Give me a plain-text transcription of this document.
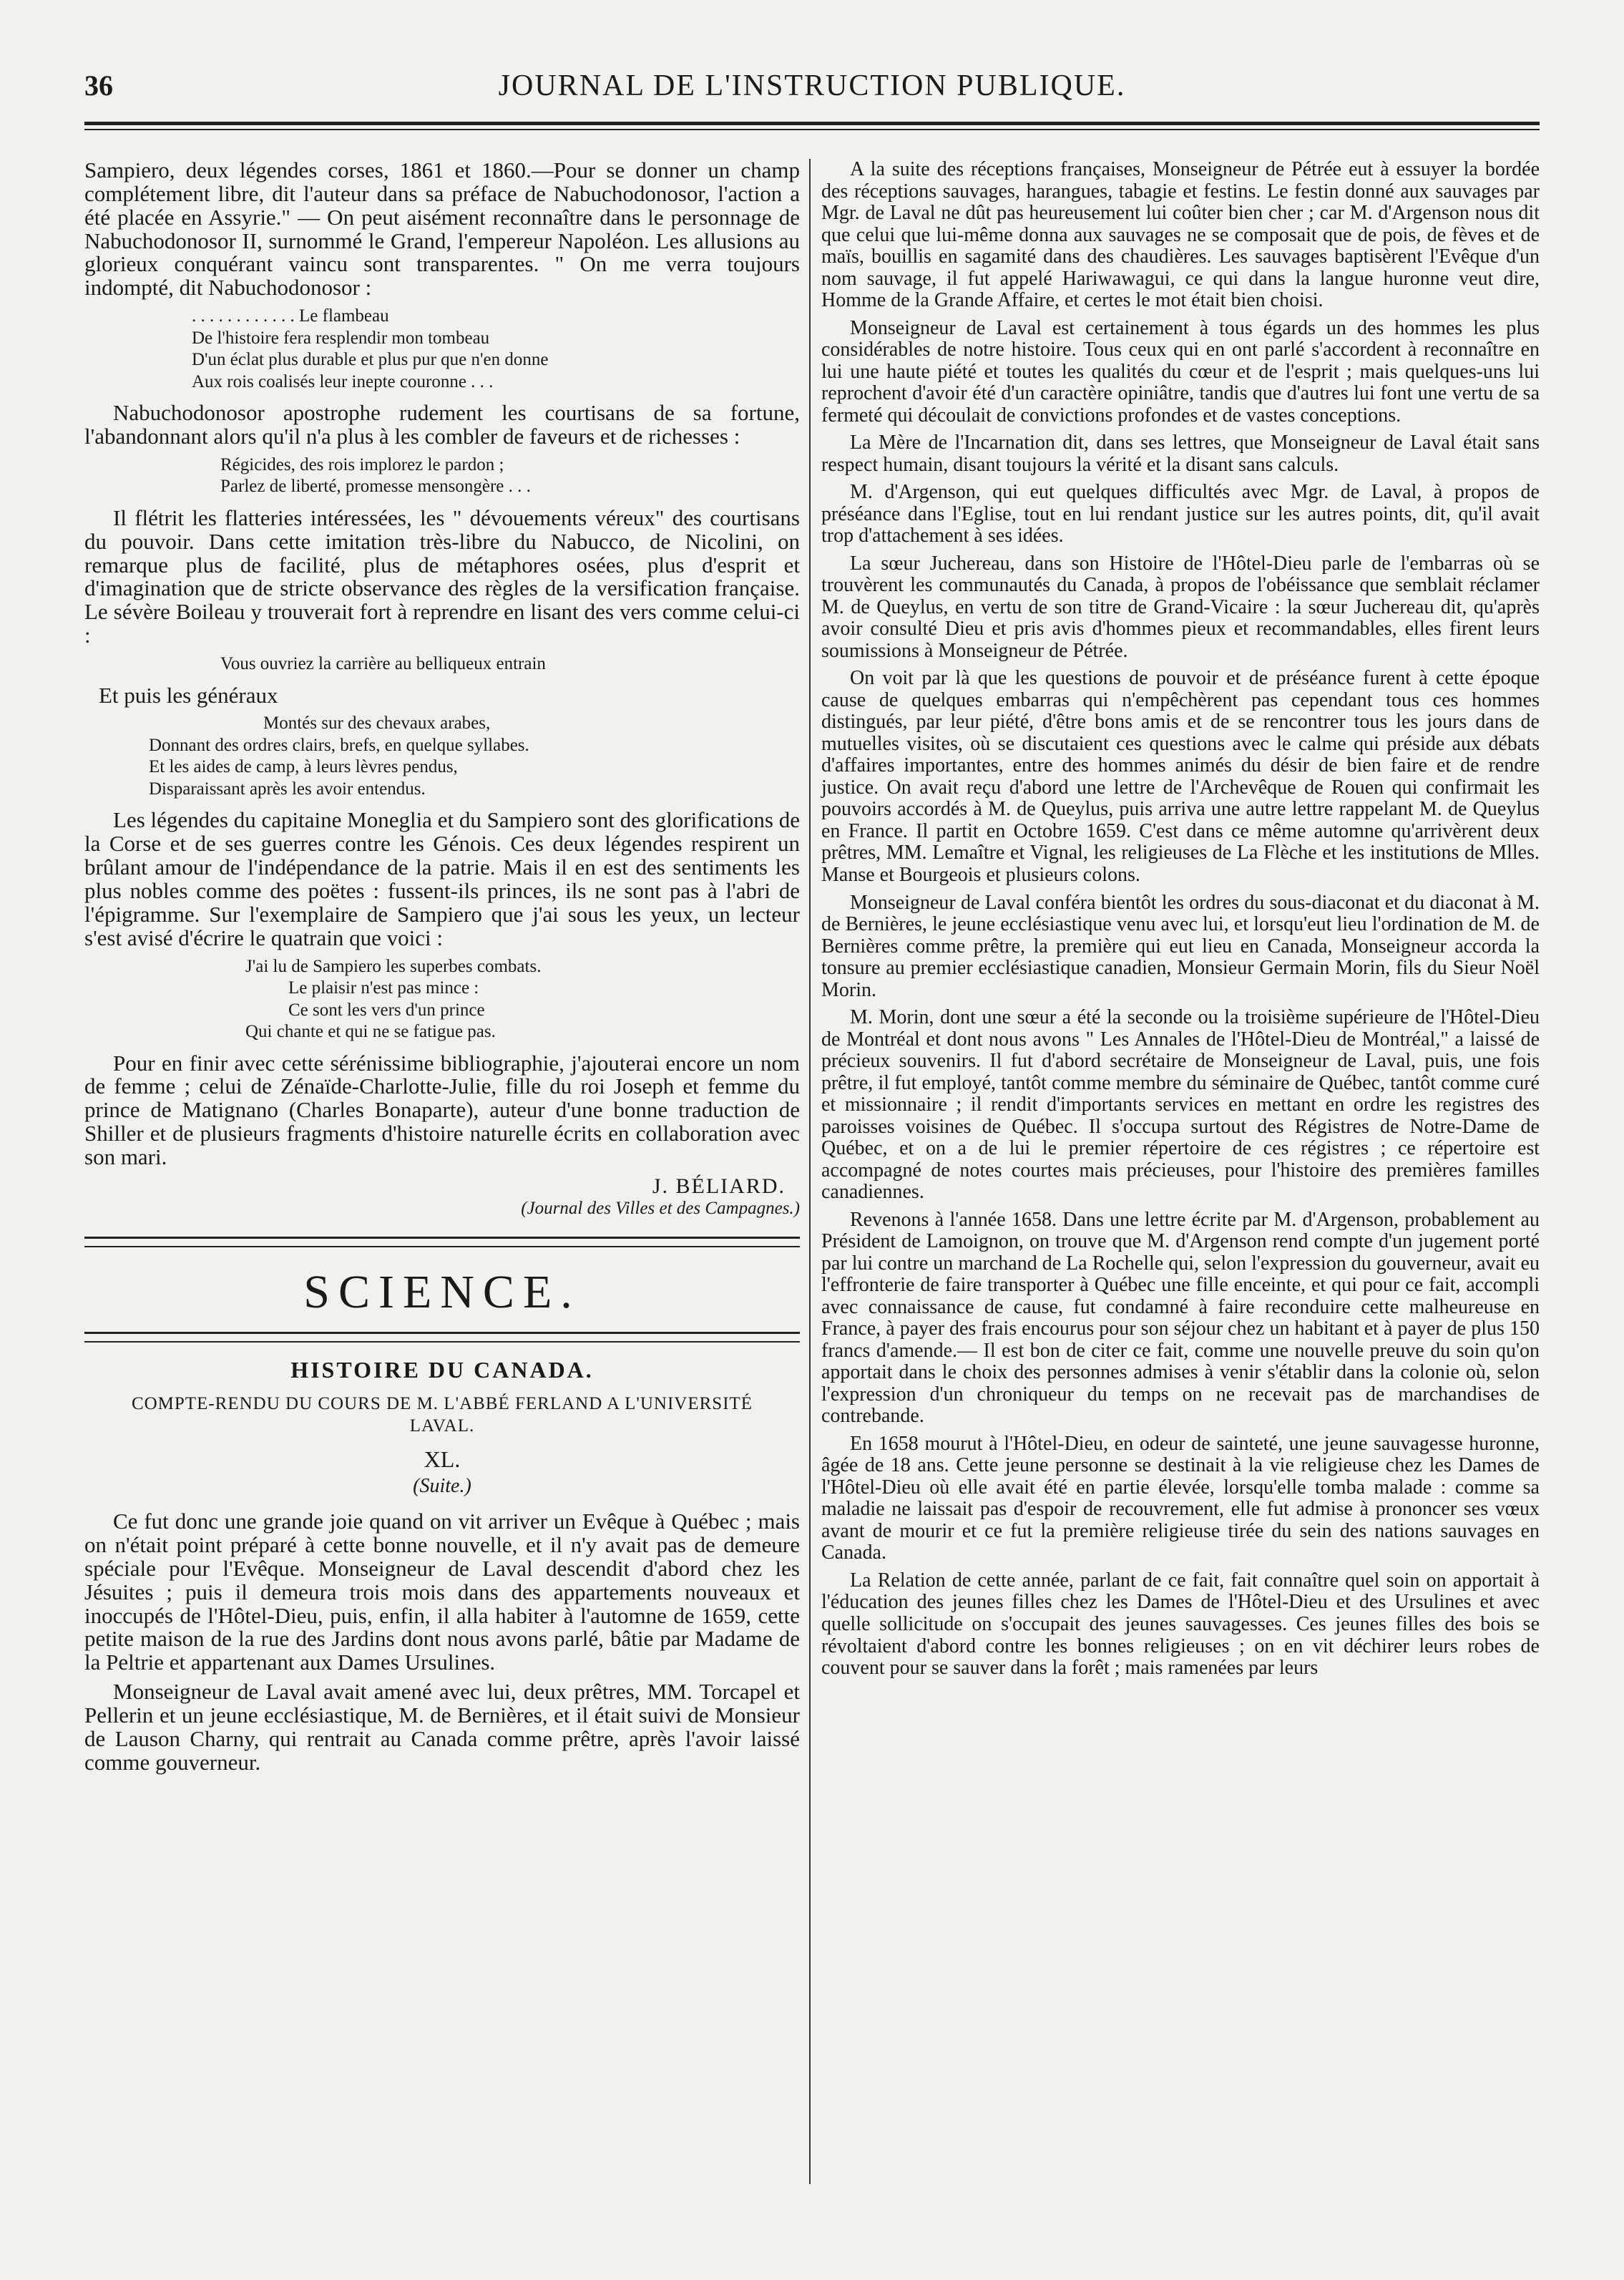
36	JOURNAL DE L'INSTRUCTION PUBLIQUE.

Sampiero, deux légendes corses, 1861 et 1860.—Pour se donner un champ complétement libre, dit l'auteur dans sa préface de Nabuchodonosor, l'action a été placée en Assyrie." — On peut aisément reconnaître dans le personnage de Nabuchodonosor II, surnommé le Grand, l'empereur Napoléon. Les allusions au glorieux conquérant vaincu sont transparentes. " On me verra toujours indompté, dit Nabuchodonosor :

. . . . . . . . . . . . Le flambeau
De l'histoire fera resplendir mon tombeau
D'un éclat plus durable et plus pur que n'en donne
Aux rois coalisés leur inepte couronne . . .

Nabuchodonosor apostrophe rudement les courtisans de sa fortune, l'abandonnant alors qu'il n'a plus à les combler de faveurs et de richesses :

Régicides, des rois implorez le pardon ;
Parlez de liberté, promesse mensongère . . .

Il flétrit les flatteries intéressées, les " dévouements véreux" des courtisans du pouvoir. Dans cette imitation très-libre du Nabucco, de Nicolini, on remarque plus de facilité, plus de métaphores osées, plus d'esprit et d'imagination que de stricte observance des règles de la versification française. Le sévère Boileau y trouverait fort à reprendre en lisant des vers comme celui-ci :

Vous ouvriez la carrière au belliqueux entrain

Et puis les généraux

Montés sur des chevaux arabes,
Donnant des ordres clairs, brefs, en quelque syllabes.
Et les aides de camp, à leurs lèvres pendus,
Disparaissant après les avoir entendus.

Les légendes du capitaine Moneglia et du Sampiero sont des glorifications de la Corse et de ses guerres contre les Génois. Ces deux légendes respirent un brûlant amour de l'indépendance de la patrie. Mais il en est des sentiments les plus nobles comme des poëtes : fussent-ils princes, ils ne sont pas à l'abri de l'épigramme. Sur l'exemplaire de Sampiero que j'ai sous les yeux, un lecteur s'est avisé d'écrire le quatrain que voici :

J'ai lu de Sampiero les superbes combats.
Le plaisir n'est pas mince :
Ce sont les vers d'un prince
Qui chante et qui ne se fatigue pas.

Pour en finir avec cette sérénissime bibliographie, j'ajouterai encore un nom de femme ; celui de Zénaïde-Charlotte-Julie, fille du roi Joseph et femme du prince de Matignano (Charles Bonaparte), auteur d'une bonne traduction de Shiller et de plusieurs fragments d'histoire naturelle écrits en collaboration avec son mari.

J. BÉLIARD.
(Journal des Villes et des Campagnes.)
SCIENCE.
HISTOIRE DU CANADA.
COMPTE-RENDU DU COURS DE M. L'ABBÉ FERLAND A L'UNIVERSITÉ LAVAL.
XL.
(Suite.)

Ce fut donc une grande joie quand on vit arriver un Evêque à Québec ; mais on n'était point préparé à cette bonne nouvelle, et il n'y avait pas de demeure spéciale pour l'Evêque. Monseigneur de Laval descendit d'abord chez les Jésuites ; puis il demeura trois mois dans des appartements nouveaux et inoccupés de l'Hôtel-Dieu, puis, enfin, il alla habiter à l'automne de 1659, cette petite maison de la rue des Jardins dont nous avons parlé, bâtie par Madame de la Peltrie et appartenant aux Dames Ursulines.

Monseigneur de Laval avait amené avec lui, deux prêtres, MM. Torcapel et Pellerin et un jeune ecclésiastique, M. de Bernières, et il était suivi de Monsieur de Lauson Charny, qui rentrait au Canada comme prêtre, après l'avoir laissé comme gouverneur.

A la suite des réceptions françaises, Monseigneur de Pétrée eut à essuyer la bordée des réceptions sauvages, harangues, tabagie et festins. Le festin donné aux sauvages par Mgr. de Laval ne dût pas heureusement lui coûter bien cher ; car M. d'Argenson nous dit que celui que lui-même donna aux sauvages ne se composait que de pois, de fèves et de maïs, bouillis en sagamité dans des chaudières. Les sauvages baptisèrent l'Evêque d'un nom sauvage, il fut appelé Hariwawagui, ce qui dans la langue huronne veut dire, Homme de la Grande Affaire, et certes le mot était bien choisi.

Monseigneur de Laval est certainement à tous égards un des hommes les plus considérables de notre histoire. Tous ceux qui en ont parlé s'accordent à reconnaître en lui une haute piété et toutes les qualités du cœur et de l'esprit ; mais quelques-uns lui reprochent d'avoir été d'un caractère opiniâtre, tandis que d'autres lui font une vertu de sa fermeté qui découlait de convictions profondes et de vastes conceptions.

La Mère de l'Incarnation dit, dans ses lettres, que Monseigneur de Laval était sans respect humain, disant toujours la vérité et la disant sans calculs.

M. d'Argenson, qui eut quelques difficultés avec Mgr. de Laval, à propos de préséance dans l'Eglise, tout en lui rendant justice sur les autres points, dit, qu'il avait trop d'attachement à ses idées.

La sœur Juchereau, dans son Histoire de l'Hôtel-Dieu parle de l'embarras où se trouvèrent les communautés du Canada, à propos de l'obéissance que semblait réclamer M. de Queylus, en vertu de son titre de Grand-Vicaire : la sœur Juchereau dit, qu'après avoir consulté Dieu et pris avis d'hommes pieux et recommandables, elles firent leurs soumissions à Monseigneur de Pétrée.

On voit par là que les questions de pouvoir et de préséance furent à cette époque cause de quelques embarras qui n'empêchèrent pas cependant tous ces hommes distingués, par leur piété, d'être bons amis et de se rencontrer tous les jours dans de mutuelles visites, où se discutaient ces questions avec le calme qui préside aux débats d'affaires importantes, entre des hommes animés du désir de bien faire et de rendre justice. On avait reçu d'abord une lettre de l'Archevêque de Rouen qui confirmait les pouvoirs accordés à M. de Queylus, puis arriva une autre lettre rappelant M. de Queylus en France. Il partit en Octobre 1659. C'est dans ce même automne qu'arrivèrent deux prêtres, MM. Lemaître et Vignal, les religieuses de La Flèche et les institutions de Mlles. Manse et Bourgeois et plusieurs colons.

Monseigneur de Laval conféra bientôt les ordres du sous-diaconat et du diaconat à M. de Bernières, le jeune ecclésiastique venu avec lui, et lorsqu'eut lieu l'ordination de M. de Bernières comme prêtre, la première qui eut lieu en Canada, Monseigneur accorda la tonsure au premier ecclésiastique canadien, Monsieur Germain Morin, fils du Sieur Noël Morin.

M. Morin, dont une sœur a été la seconde ou la troisième supérieure de l'Hôtel-Dieu de Montréal et dont nous avons " Les Annales de l'Hôtel-Dieu de Montréal," a laissé de précieux souvenirs. Il fut d'abord secrétaire de Monseigneur de Laval, puis, une fois prêtre, il fut employé, tantôt comme membre du séminaire de Québec, tantôt comme curé et missionnaire ; il rendit d'importants services en mettant en ordre les registres des paroisses voisines de Québec. Il s'occupa surtout des Régistres de Notre-Dame de Québec, et on a de lui le premier répertoire de ces régistres ; ce répertoire est accompagné de notes courtes mais précieuses, pour l'histoire des premières familles canadiennes.

Revenons à l'année 1658. Dans une lettre écrite par M. d'Argenson, probablement au Président de Lamoignon, on trouve que M. d'Argenson rend compte d'un jugement porté par lui contre un marchand de La Rochelle qui, selon l'expression du gouverneur, avait eu l'effronterie de faire transporter à Québec une fille enceinte, et qui pour ce fait, accompli avec connaissance de cause, fut condamné à faire reconduire cette malheureuse en France, à payer des frais encourus pour son séjour chez un habitant et à payer de plus 150 francs d'amende.— Il est bon de citer ce fait, comme une nouvelle preuve du soin qu'on apportait dans le choix des personnes admises à venir s'établir dans la colonie où, selon l'expression d'un chroniqueur du temps on ne recevait pas de marchandises de contrebande.

En 1658 mourut à l'Hôtel-Dieu, en odeur de sainteté, une jeune sauvagesse huronne, âgée de 18 ans. Cette jeune personne se destinait à la vie religieuse chez les Dames de l'Hôtel-Dieu où elle avait été en partie élevée, lorsqu'elle tomba malade : comme sa maladie ne laissait pas d'espoir de recouvrement, elle fut admise à prononcer ses vœux avant de mourir et ce fut la première religieuse tirée du sein des nations sauvages en Canada.

La Relation de cette année, parlant de ce fait, fait connaître quel soin on apportait à l'éducation des jeunes filles chez les Dames de l'Hôtel-Dieu et des Ursulines et avec quelle sollicitude on s'occupait des jeunes sauvagesses. Ces jeunes filles des bois se révoltaient d'abord contre les bonnes religieuses ; on en vit déchirer leurs robes de couvent pour se sauver dans la forêt ; mais ramenées par leurs
